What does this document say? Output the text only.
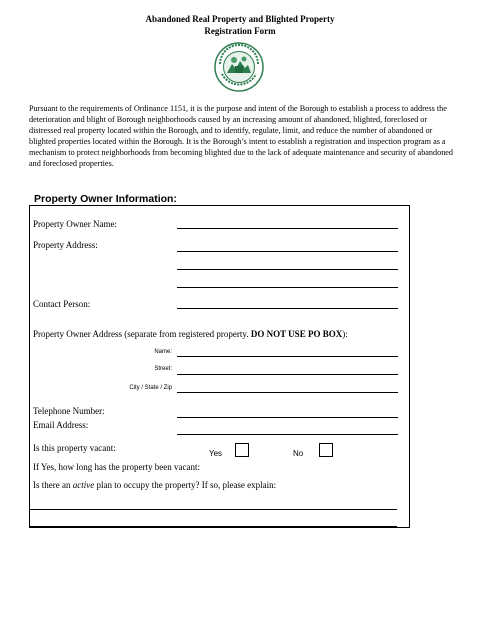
Abandoned Real Property and Blighted Property
Registration Form
Pursuant to the requirements of Ordinance 1151, it is the purpose and intent of the Borough to establish a process to address the deterioration and blight of Borough neighborhoods caused by an increasing amount of abandoned, blighted, foreclosed or distressed real property located within the Borough, and to identify, regulate, limit, and reduce the number of abandoned or blighted properties located within the Borough. It is the Borough’s intent to establish a registration and inspection program as a mechanism to protect neighborhoods from becoming blighted due to the lack of adequate maintenance and security of abandoned and foreclosed properties.
Property Owner Information:
Property Owner Name:
Property Address:
Contact Person:
Property Owner Address (separate from registered property. DO NOT USE PO BOX):
Name:
Street:
City / State / Zip
Telephone Number:
Email Address:
Is this property vacant:
Yes	No
If Yes, how long has the property been vacant:
Is there an active plan to occupy the property? If so, please explain:
